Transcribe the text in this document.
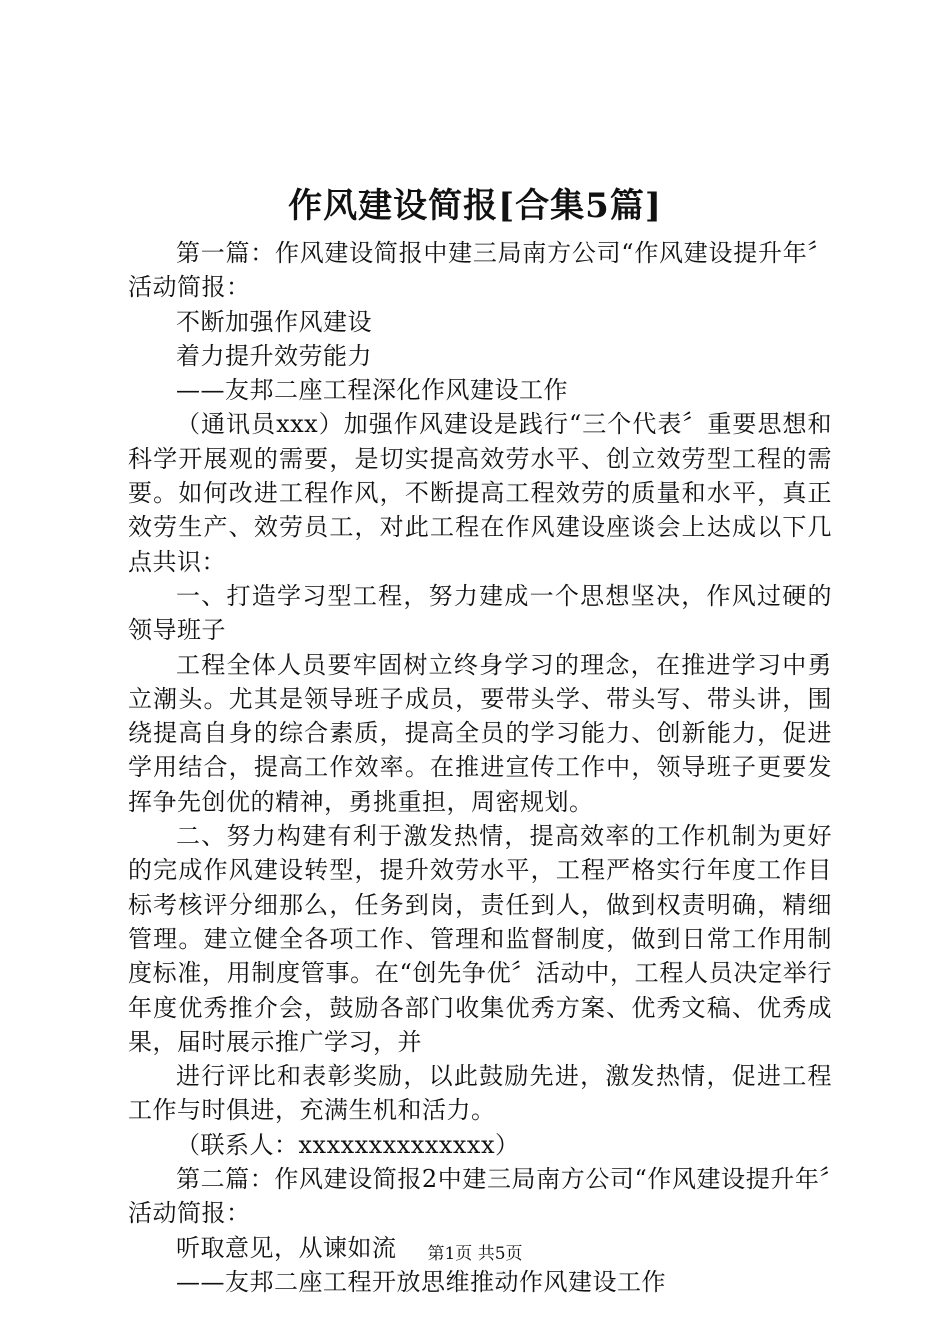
作风建设简报[合集5篇]

第一篇：作风建设简报中建三局南方公司“作风建设提升年〞活动简报：

不断加强作风建设

着力提升效劳能力

——友邦二座工程深化作风建设工作

（通讯员xxx）加强作风建设是践行“三个代表〞重要思想和科学开展观的需要，是切实提高效劳水平、创立效劳型工程的需要。如何改进工程作风，不断提高工程效劳的质量和水平，真正效劳生产、效劳员工，对此工程在作风建设座谈会上达成以下几点共识：

一、打造学习型工程，努力建成一个思想坚决，作风过硬的领导班子

工程全体人员要牢固树立终身学习的理念，在推进学习中勇立潮头。尤其是领导班子成员，要带头学、带头写、带头讲，围绕提高自身的综合素质，提高全员的学习能力、创新能力，促进学用结合，提高工作效率。在推进宣传工作中，领导班子更要发挥争先创优的精神，勇挑重担，周密规划。

二、努力构建有利于激发热情，提高效率的工作机制为更好的完成作风建设转型，提升效劳水平，工程严格实行年度工作目标考核评分细那么，任务到岗，责任到人，做到权责明确，精细管理。建立健全各项工作、管理和监督制度，做到日常工作用制度标准，用制度管事。在“创先争优〞活动中，工程人员决定举行年度优秀推介会，鼓励各部门收集优秀方案、优秀文稿、优秀成果，届时展示推广学习，并

进行评比和表彰奖励，以此鼓励先进，激发热情，促进工程工作与时俱进，充满生机和活力。

（联系人：xxxxxxxxxxxxxx）

第二篇：作风建设简报2中建三局南方公司“作风建设提升年〞活动简报：

听取意见，从谏如流

——友邦二座工程开放思维推动作风建设工作

第1页 共5页
